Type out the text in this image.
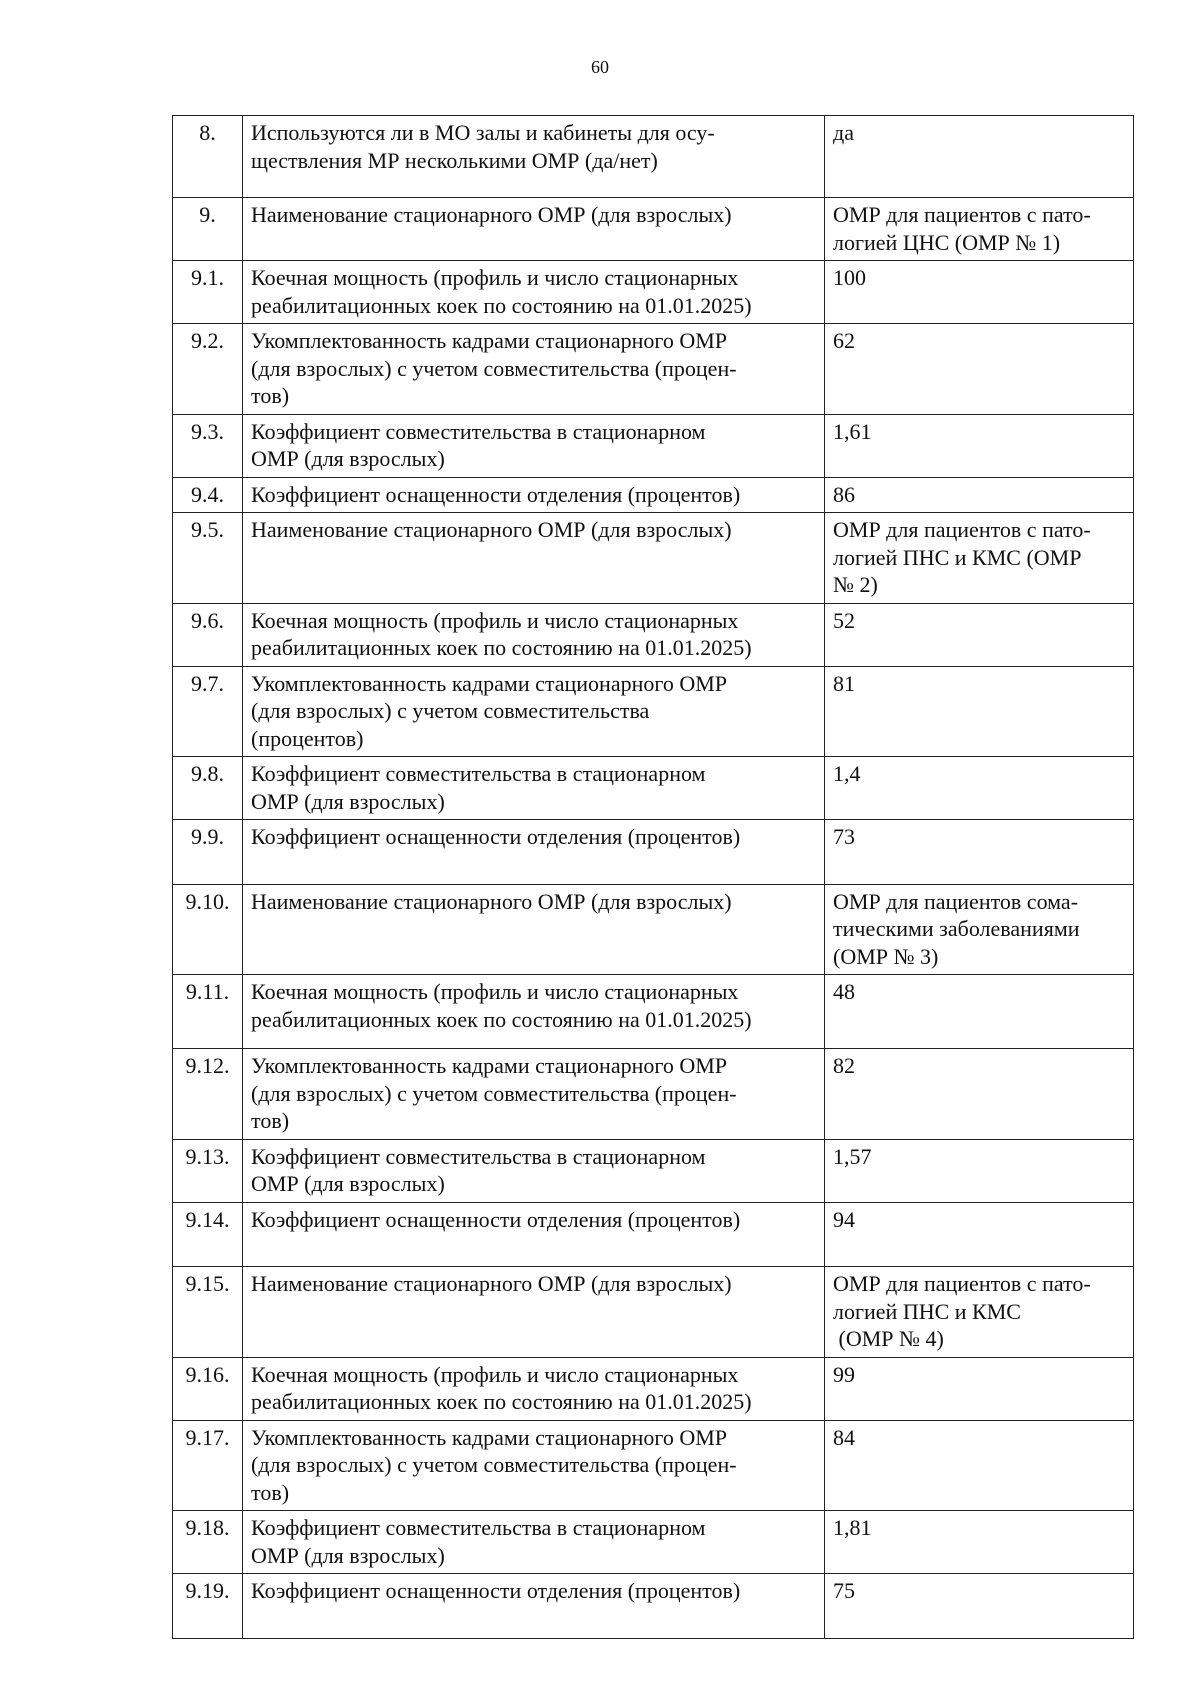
60
8.	Используются ли в МО залы и кабинеты для осу-
ществления МР несколькими ОМР (да/нет)	да

9.	Наименование стационарного ОМР (для взрослых)	ОМР для пациентов с пато-
логией ЦНС (ОМР № 1)

9.1.	Коечная мощность (профиль и число стационарных
реабилитационных коек по состоянию на 01.01.2025)	100

9.2.	Укомплектованность кадрами стационарного ОМР
(для взрослых) с учетом совместительства (процен-
тов)	62

9.3.	Коэффициент совместительства в стационарном
ОМР (для взрослых)	1,61

9.4.	Коэффициент оснащенности отделения (процентов)	86

9.5.	Наименование стационарного ОМР (для взрослых)	ОМР для пациентов с пато-
логией ПНС и КМС (ОМР
№ 2)

9.6.	Коечная мощность (профиль и число стационарных
реабилитационных коек по состоянию на 01.01.2025)	52

9.7.	Укомплектованность кадрами стационарного ОМР
(для взрослых) с учетом совместительства
(процентов)	81

9.8.	Коэффициент совместительства в стационарном
ОМР (для взрослых)	1,4

9.9.	Коэффициент оснащенности отделения (процентов)	73

9.10.	Наименование стационарного ОМР (для взрослых)	ОМР для пациентов сома-
тическими заболеваниями
(ОМР № 3)

9.11.	Коечная мощность (профиль и число стационарных
реабилитационных коек по состоянию на 01.01.2025)	48

9.12.	Укомплектованность кадрами стационарного ОМР
(для взрослых) с учетом совместительства (процен-
тов)	82

9.13.	Коэффициент совместительства в стационарном
ОМР (для взрослых)	1,57

9.14.	Коэффициент оснащенности отделения (процентов)	94

9.15.	Наименование стационарного ОМР (для взрослых)	ОМР для пациентов с пато-
логией ПНС и КМС
(ОМР № 4)

9.16.	Коечная мощность (профиль и число стационарных
реабилитационных коек по состоянию на 01.01.2025)	99

9.17.	Укомплектованность кадрами стационарного ОМР
(для взрослых) с учетом совместительства (процен-
тов)	84

9.18.	Коэффициент совместительства в стационарном
ОМР (для взрослых)	1,81

9.19.	Коэффициент оснащенности отделения (процентов)	75
